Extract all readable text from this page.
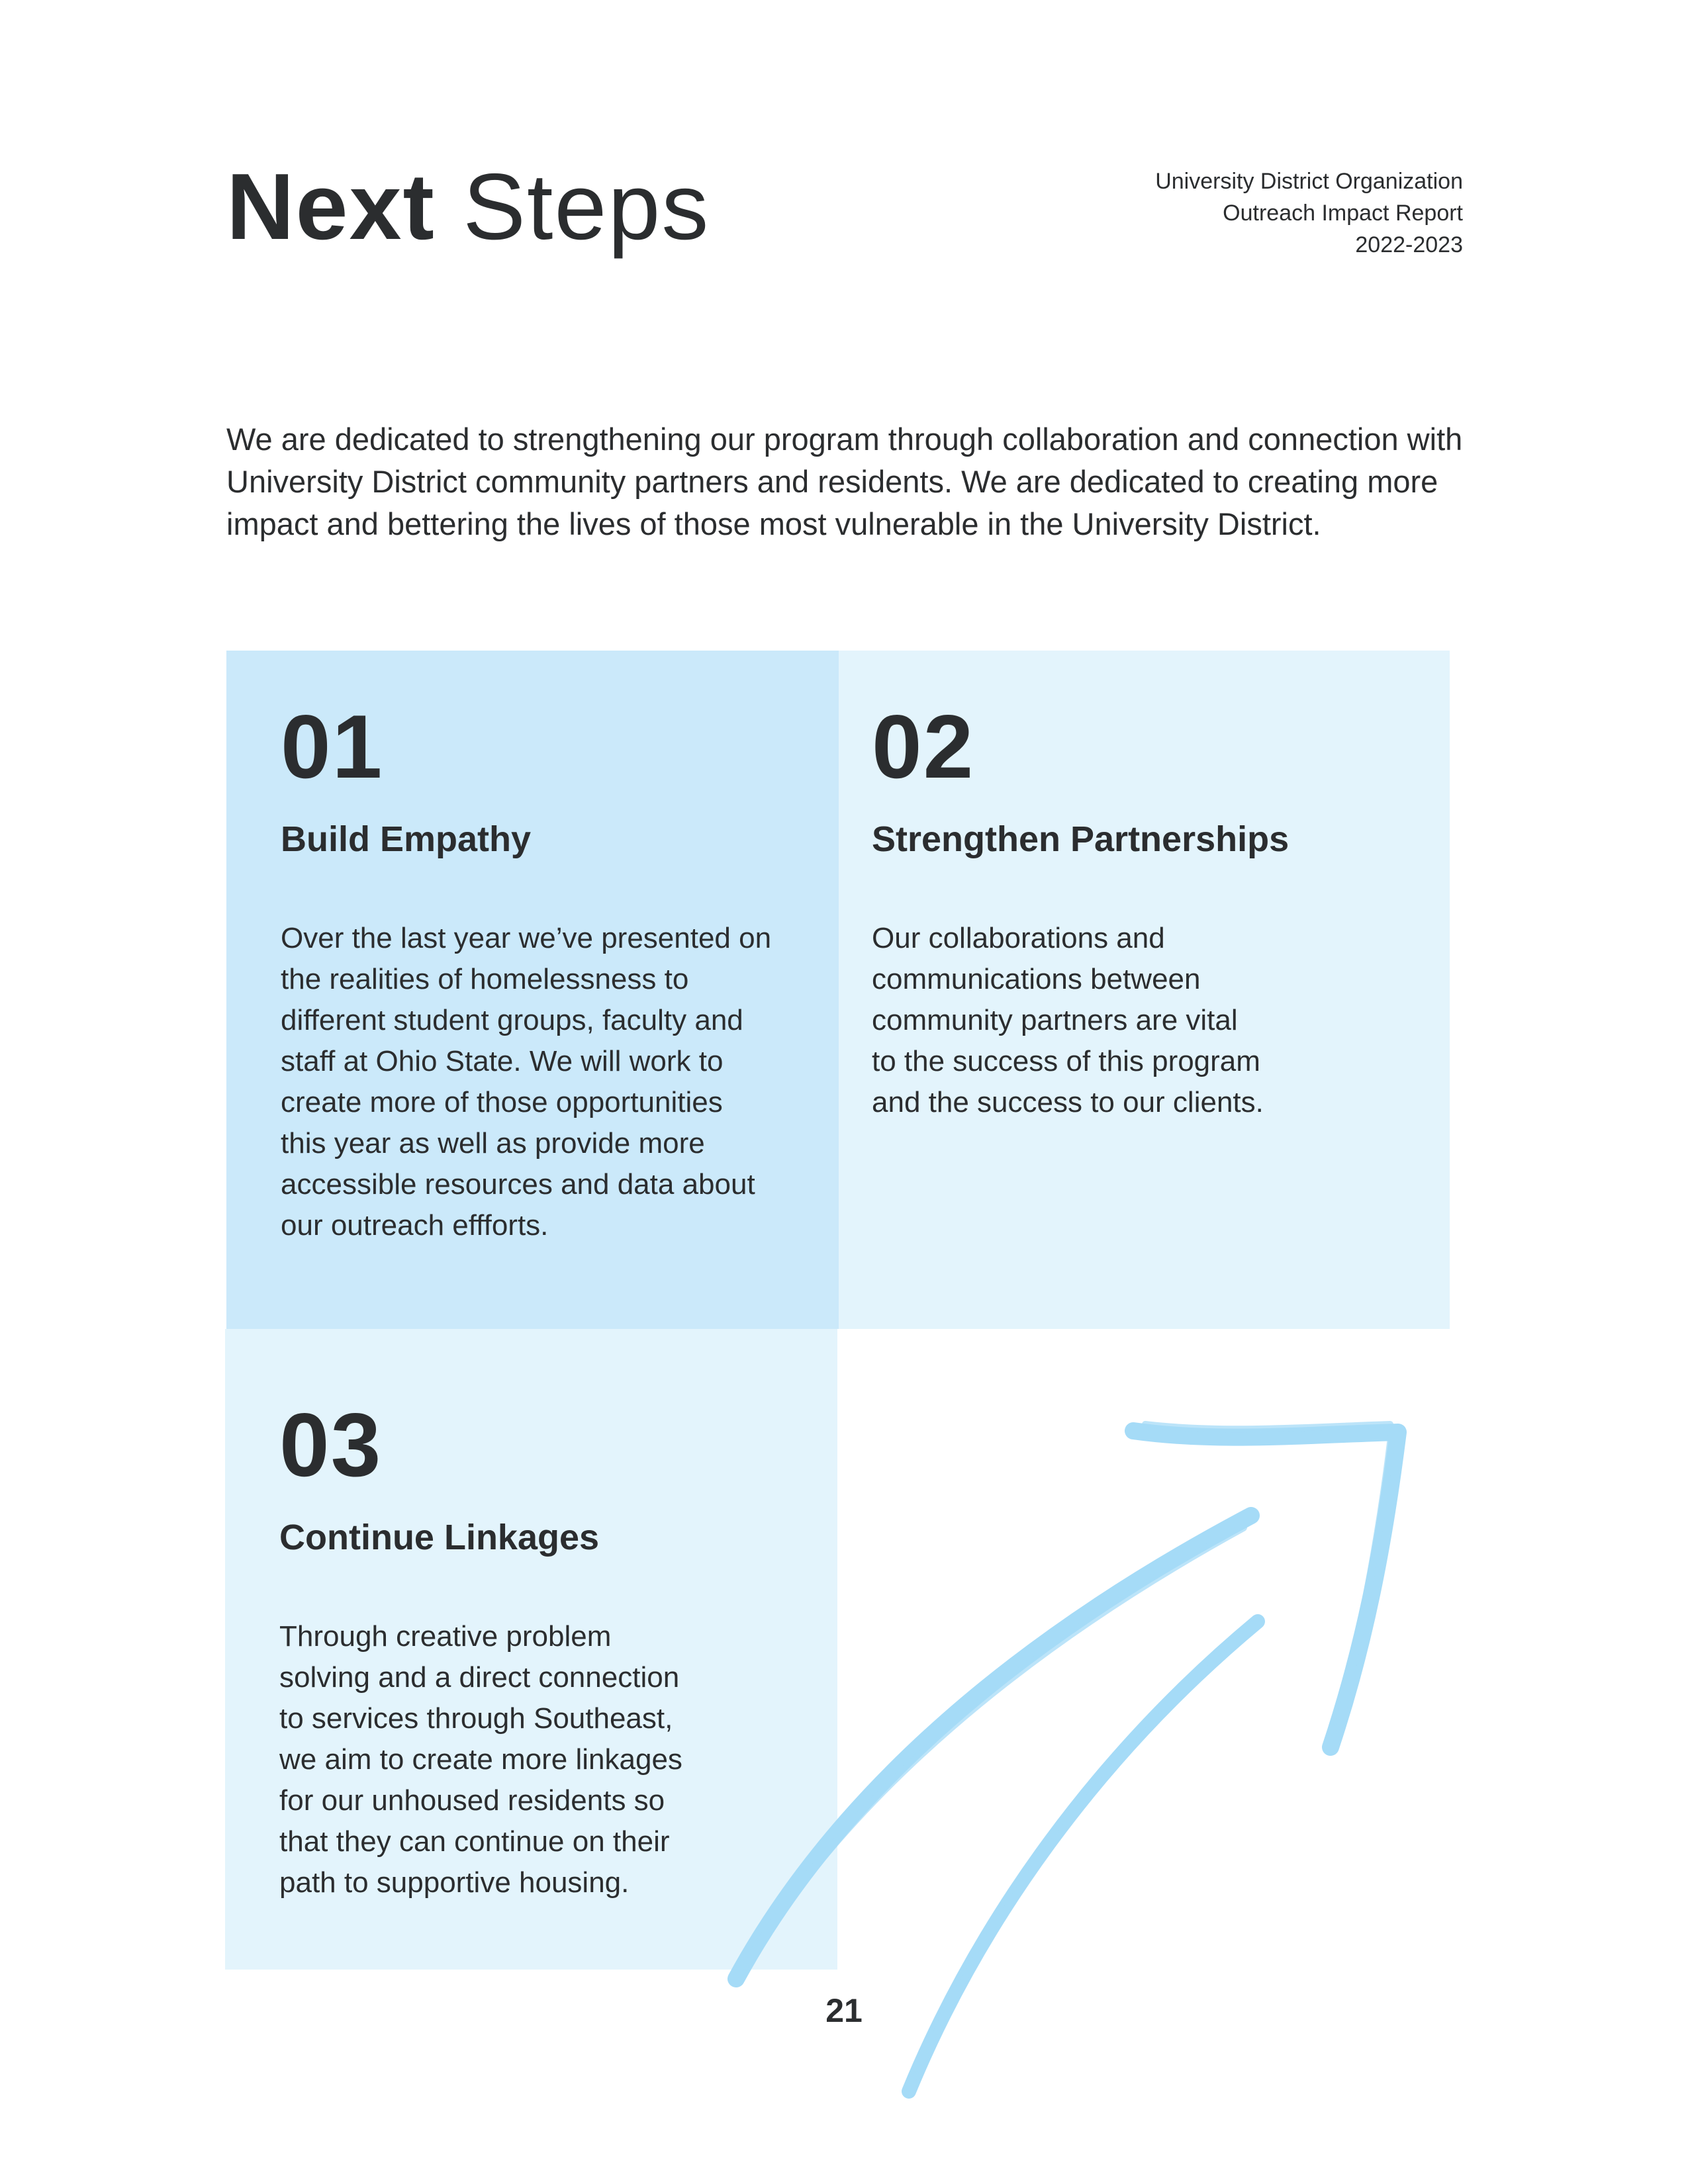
Next Steps	University District Organization
Outreach Impact Report
2022-2023

We are dedicated to strengthening our program through collaboration and connection with University District community partners and residents. We are dedicated to creating more impact and bettering the lives of those most vulnerable in the University District.

01
Build Empathy

Over the last year we’ve presented on
the realities of homelessness to
different student groups, faculty and
staff at Ohio State. We will work to
create more of those opportunities
this year as well as provide more
accessible resources and data about
our outreach effforts.

02
Strengthen Partnerships

Our collaborations and
communications between
community partners are vital
to the success of this program
and the success to our clients.

03
Continue Linkages

Through creative problem
solving and a direct connection
to services through Southeast,
we aim to create more linkages
for our unhoused residents so
that they can continue on their
path to supportive housing.

21
